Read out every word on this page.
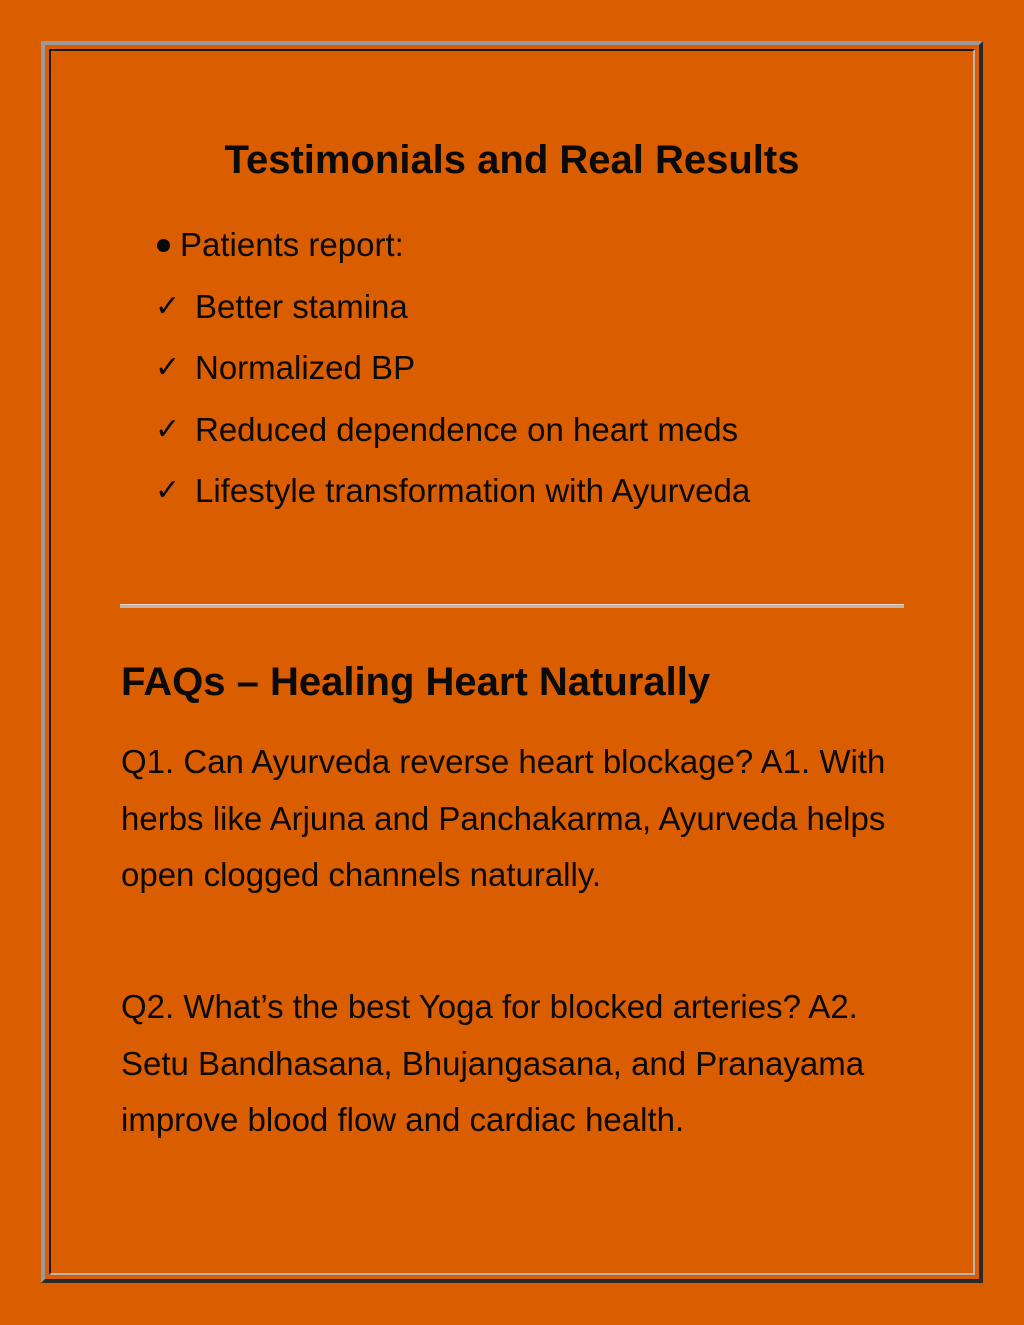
Testimonials and Real Results
Patients report:
✓ Better stamina
✓ Normalized BP
✓ Reduced dependence on heart meds
✓ Lifestyle transformation with Ayurveda
FAQs – Healing Heart Naturally

Q1. Can Ayurveda reverse heart blockage? A1. With herbs like Arjuna and Panchakarma, Ayurveda helps open clogged channels naturally.

Q2. What’s the best Yoga for blocked arteries? A2. Setu Bandhasana, Bhujangasana, and Pranayama improve blood flow and cardiac health.
